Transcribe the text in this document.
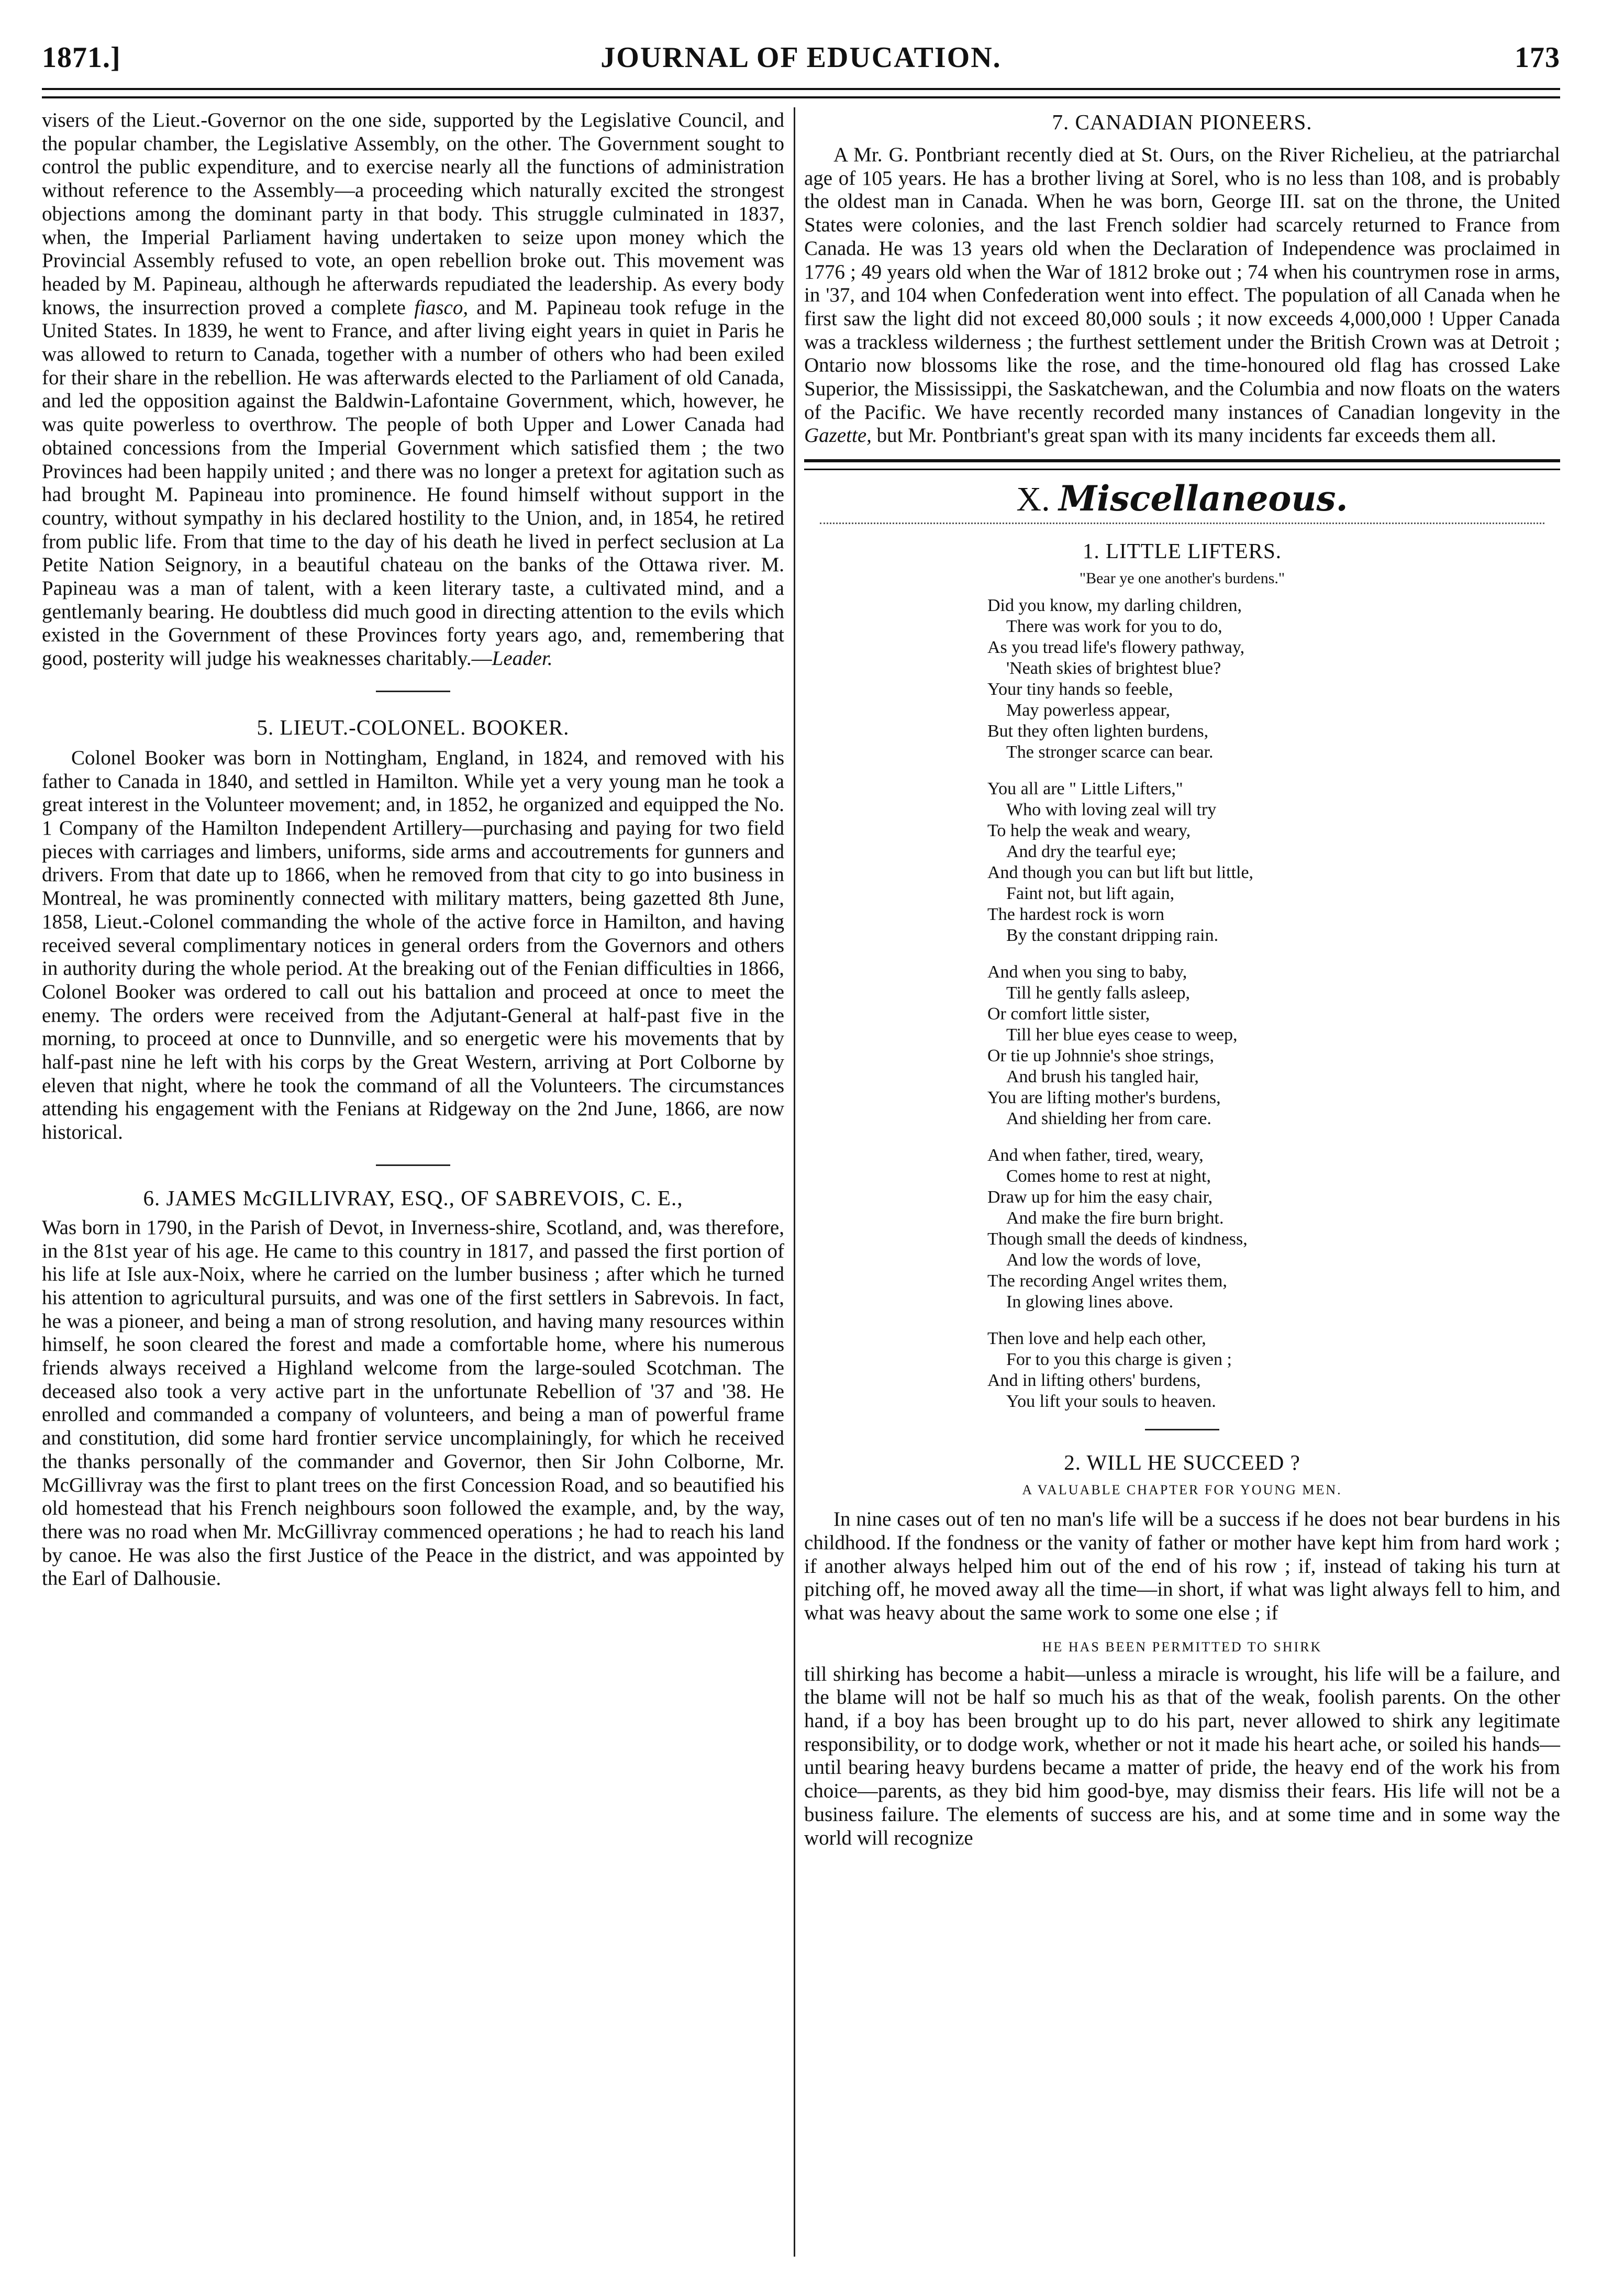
1871.]	JOURNAL OF EDUCATION.	173

visers of the Lieut.-Governor on the one side, supported by the Legislative Council, and the popular chamber, the Legislative Assembly, on the other. The Government sought to control the public expenditure, and to exercise nearly all the functions of administration without reference to the Assembly—a proceeding which naturally excited the strongest objections among the dominant party in that body. This struggle culminated in 1837, when, the Imperial Parliament having undertaken to seize upon money which the Provincial Assembly refused to vote, an open rebellion broke out. This movement was headed by M. Papineau, although he afterwards repudiated the leadership. As every body knows, the insurrection proved a complete fiasco, and M. Papineau took refuge in the United States. In 1839, he went to France, and after living eight years in quiet in Paris he was allowed to return to Canada, together with a number of others who had been exiled for their share in the rebellion. He was afterwards elected to the Parliament of old Canada, and led the opposition against the Baldwin-Lafontaine Government, which, however, he was quite powerless to overthrow. The people of both Upper and Lower Canada had obtained concessions from the Imperial Government which satisfied them ; the two Provinces had been happily united ; and there was no longer a pretext for agitation such as had brought M. Papineau into prominence. He found himself without support in the country, without sympathy in his declared hostility to the Union, and, in 1854, he retired from public life. From that time to the day of his death he lived in perfect seclusion at La Petite Nation Seignory, in a beautiful chateau on the banks of the Ottawa river. M. Papineau was a man of talent, with a keen literary taste, a cultivated mind, and a gentlemanly bearing. He doubtless did much good in directing attention to the evils which existed in the Government of these Provinces forty years ago, and, remembering that good, posterity will judge his weaknesses charitably.—Leader.

5. LIEUT.-COLONEL. BOOKER.

Colonel Booker was born in Nottingham, England, in 1824, and removed with his father to Canada in 1840, and settled in Hamilton. While yet a very young man he took a great interest in the Volunteer movement; and, in 1852, he organized and equipped the No. 1 Company of the Hamilton Independent Artillery—purchasing and paying for two field pieces with carriages and limbers, uniforms, side arms and accoutrements for gunners and drivers. From that date up to 1866, when he removed from that city to go into business in Montreal, he was prominently connected with military matters, being gazetted 8th June, 1858, Lieut.-Colonel commanding the whole of the active force in Hamilton, and having received several complimentary notices in general orders from the Governors and others in authority during the whole period. At the breaking out of the Fenian difficulties in 1866, Colonel Booker was ordered to call out his battalion and proceed at once to meet the enemy. The orders were received from the Adjutant-General at half-past five in the morning, to proceed at once to Dunnville, and so energetic were his movements that by half-past nine he left with his corps by the Great Western, arriving at Port Colborne by eleven that night, where he took the command of all the Volunteers. The circumstances attending his engagement with the Fenians at Ridgeway on the 2nd June, 1866, are now historical.

6. JAMES McGILLIVRAY, ESQ., OF SABREVOIS, C. E.,

Was born in 1790, in the Parish of Devot, in Inverness-shire, Scotland, and, was therefore, in the 81st year of his age. He came to this country in 1817, and passed the first portion of his life at Isle aux-Noix, where he carried on the lumber business ; after which he turned his attention to agricultural pursuits, and was one of the first settlers in Sabrevois. In fact, he was a pioneer, and being a man of strong resolution, and having many resources within himself, he soon cleared the forest and made a comfortable home, where his numerous friends always received a Highland welcome from the large-souled Scotchman. The deceased also took a very active part in the unfortunate Rebellion of '37 and '38. He enrolled and commanded a company of volunteers, and being a man of powerful frame and constitution, did some hard frontier service uncomplainingly, for which he received the thanks personally of the commander and Governor, then Sir John Colborne, Mr. McGillivray was the first to plant trees on the first Concession Road, and so beautified his old homestead that his French neighbours soon followed the example, and, by the way, there was no road when Mr. McGillivray commenced operations ; he had to reach his land by canoe. He was also the first Justice of the Peace in the district, and was appointed by the Earl of Dalhousie.

7. CANADIAN PIONEERS.

A Mr. G. Pontbriant recently died at St. Ours, on the River Richelieu, at the patriarchal age of 105 years. He has a brother living at Sorel, who is no less than 108, and is probably the oldest man in Canada. When he was born, George III. sat on the throne, the United States were colonies, and the last French soldier had scarcely returned to France from Canada. He was 13 years old when the Declaration of Independence was proclaimed in 1776 ; 49 years old when the War of 1812 broke out ; 74 when his countrymen rose in arms, in '37, and 104 when Confederation went into effect. The population of all Canada when he first saw the light did not exceed 80,000 souls ; it now exceeds 4,000,000 ! Upper Canada was a trackless wilderness ; the furthest settlement under the British Crown was at Detroit ; Ontario now blossoms like the rose, and the time-honoured old flag has crossed Lake Superior, the Mississippi, the Saskatchewan, and the Columbia and now floats on the waters of the Pacific. We have recently recorded many instances of Canadian longevity in the Gazette, but Mr. Pontbriant's great span with its many incidents far exceeds them all.

X. Miscellaneous.
1. LITTLE LIFTERS.
"Bear ye one another's burdens."
Did you know, my darling children,
There was work for you to do,
As you tread life's flowery pathway,
'Neath skies of brightest blue?
Your tiny hands so feeble,
May powerless appear,
But they often lighten burdens,
The stronger scarce can bear.
You all are " Little Lifters,"
Who with loving zeal will try
To help the weak and weary,
And dry the tearful eye;
And though you can but lift but little,
Faint not, but lift again,
The hardest rock is worn
By the constant dripping rain.
And when you sing to baby,
Till he gently falls asleep,
Or comfort little sister,
Till her blue eyes cease to weep,
Or tie up Johnnie's shoe strings,
And brush his tangled hair,
You are lifting mother's burdens,
And shielding her from care.
And when father, tired, weary,
Comes home to rest at night,
Draw up for him the easy chair,
And make the fire burn bright.
Though small the deeds of kindness,
And low the words of love,
The recording Angel writes them,
In glowing lines above.
Then love and help each other,
For to you this charge is given ;
And in lifting others' burdens,
You lift your souls to heaven.
2. WILL HE SUCCEED ?
A VALUABLE CHAPTER FOR YOUNG MEN.

In nine cases out of ten no man's life will be a success if he does not bear burdens in his childhood. If the fondness or the vanity of father or mother have kept him from hard work ; if another always helped him out of the end of his row ; if, instead of taking his turn at pitching off, he moved away all the time—in short, if what was light always fell to him, and what was heavy about the same work to some one else ; if

HE HAS BEEN PERMITTED TO SHIRK

till shirking has become a habit—unless a miracle is wrought, his life will be a failure, and the blame will not be half so much his as that of the weak, foolish parents. On the other hand, if a boy has been brought up to do his part, never allowed to shirk any legitimate responsibility, or to dodge work, whether or not it made his heart ache, or soiled his hands—until bearing heavy burdens became a matter of pride, the heavy end of the work his from choice—parents, as they bid him good-bye, may dismiss their fears. His life will not be a business failure. The elements of success are his, and at some time and in some way the world will recognize
